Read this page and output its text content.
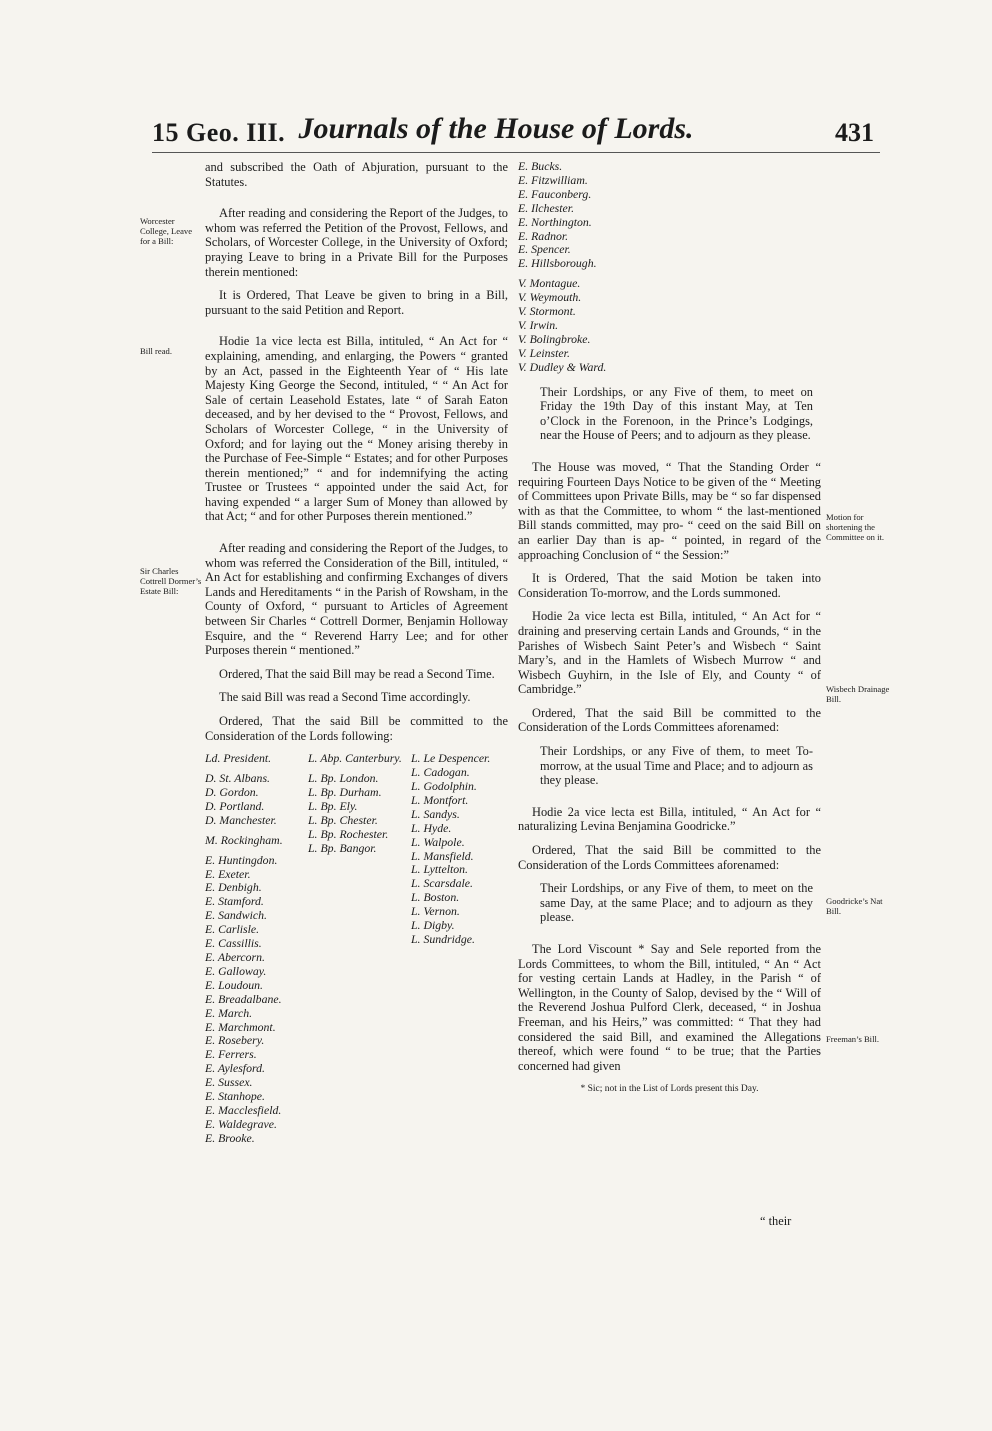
15 Geo. III. Journals of the House of Lords.	431
Worcester College, Leave for a Bill:
Bill read.
Sir Charles Cottrell Dormer’s Estate Bill:
Motion for shortening the Committee on it.
Wisbech Drainage Bill.
Goodricke’s Nat Bill.
Freeman’s Bill.

and subscribed the Oath of Abjuration, pursuant to the Statutes.

After reading and considering the Report of the Judges, to whom was referred the Petition of the Provost, Fellows, and Scholars, of Worcester College, in the University of Oxford; praying Leave to bring in a Private Bill for the Purposes therein mentioned:

It is Ordered, That Leave be given to bring in a Bill, pursuant to the said Petition and Report.

Hodie 1a vice lecta est Billa, intituled, “ An Act for “ explaining, amending, and enlarging, the Powers “ granted by an Act, passed in the Eighteenth Year of “ His late Majesty King George the Second, intituled, “ “ An Act for Sale of certain Leasehold Estates, late “ of Sarah Eaton deceased, and by her devised to the “ Provost, Fellows, and Scholars of Worcester College, “ in the University of Oxford; and for laying out the “ Money arising thereby in the Purchase of Fee-Simple “ Estates; and for other Purposes therein mentioned;” “ and for indemnifying the acting Trustee or Trustees “ appointed under the said Act, for having expended “ a larger Sum of Money than allowed by that Act; “ and for other Purposes therein mentioned.”

After reading and considering the Report of the Judges, to whom was referred the Consideration of the Bill, intituled, “ An Act for establishing and confirming Exchanges of divers Lands and Hereditaments “ in the Parish of Rowsham, in the County of Oxford, “ pursuant to Articles of Agreement between Sir Charles “ Cottrell Dormer, Benjamin Holloway Esquire, and the “ Reverend Harry Lee; and for other Purposes therein “ mentioned.”

Ordered, That the said Bill may be read a Second Time.

The said Bill was read a Second Time accordingly.

Ordered, That the said Bill be committed to the Consideration of the Lords following:

Ld. President.
D. St. Albans.
D. Gordon.
D. Portland.
D. Manchester.
M. Rockingham.
E. Huntingdon.
E. Exeter.
E. Denbigh.
E. Stamford.
E. Sandwich.
E. Carlisle.
E. Cassillis.
E. Abercorn.
E. Galloway.
E. Loudoun.
E. Breadalbane.
E. March.
E. Marchmont.
E. Rosebery.
E. Ferrers.
E. Aylesford.
E. Sussex.
E. Stanhope.
E. Macclesfield.
E. Waldegrave.
E. Brooke.
L. Abp. Canterbury.
L. Bp. London.
L. Bp. Durham.
L. Bp. Ely.
L. Bp. Chester.
L. Bp. Rochester.
L. Bp. Bangor.
L. Le Despencer.
L. Cadogan.
L. Godolphin.
L. Montfort.
L. Sandys.
L. Hyde.
L. Walpole.
L. Mansfield.
L. Lyttelton.
L. Scarsdale.
L. Boston.
L. Vernon.
L. Digby.
L. Sundridge.
E. Bucks.
E. Fitzwilliam.
E. Fauconberg.
E. Ilchester.
E. Northington.
E. Radnor.
E. Spencer.
E. Hillsborough.
V. Montague.
V. Weymouth.
V. Stormont.
V. Irwin.
V. Bolingbroke.
V. Leinster.
V. Dudley & Ward.

Their Lordships, or any Five of them, to meet on Friday the 19th Day of this instant May, at Ten o’Clock in the Forenoon, in the Prince’s Lodgings, near the House of Peers; and to adjourn as they please.

The House was moved, “ That the Standing Order “ requiring Fourteen Days Notice to be given of the “ Meeting of Committees upon Private Bills, may be “ so far dispensed with as that the Committee, to whom “ the last-mentioned Bill stands committed, may pro- “ ceed on the said Bill on an earlier Day than is ap- “ pointed, in regard of the approaching Conclusion of “ the Session:”

It is Ordered, That the said Motion be taken into Consideration To-morrow, and the Lords summoned.

Hodie 2a vice lecta est Billa, intituled, “ An Act for “ draining and preserving certain Lands and Grounds, “ in the Parishes of Wisbech Saint Peter’s and Wisbech “ Saint Mary’s, and in the Hamlets of Wisbech Murrow “ and Wisbech Guyhirn, in the Isle of Ely, and County “ of Cambridge.”

Ordered, That the said Bill be committed to the Consideration of the Lords Committees aforenamed:

Their Lordships, or any Five of them, to meet To-morrow, at the usual Time and Place; and to adjourn as they please.

Hodie 2a vice lecta est Billa, intituled, “ An Act for “ naturalizing Levina Benjamina Goodricke.”

Ordered, That the said Bill be committed to the Consideration of the Lords Committees aforenamed:

Their Lordships, or any Five of them, to meet on the same Day, at the same Place; and to adjourn as they please.

The Lord Viscount * Say and Sele reported from the Lords Committees, to whom the Bill, intituled, “ An “ Act for vesting certain Lands at Hadley, in the Parish “ of Wellington, in the County of Salop, devised by the “ Will of the Reverend Joshua Pulford Clerk, deceased, “ in Joshua Freeman, and his Heirs,” was committed: “ That they had considered the said Bill, and examined the Allegations thereof, which were found “ to be true; that the Parties concerned had given

* Sic; not in the List of Lords present this Day.
“ their
